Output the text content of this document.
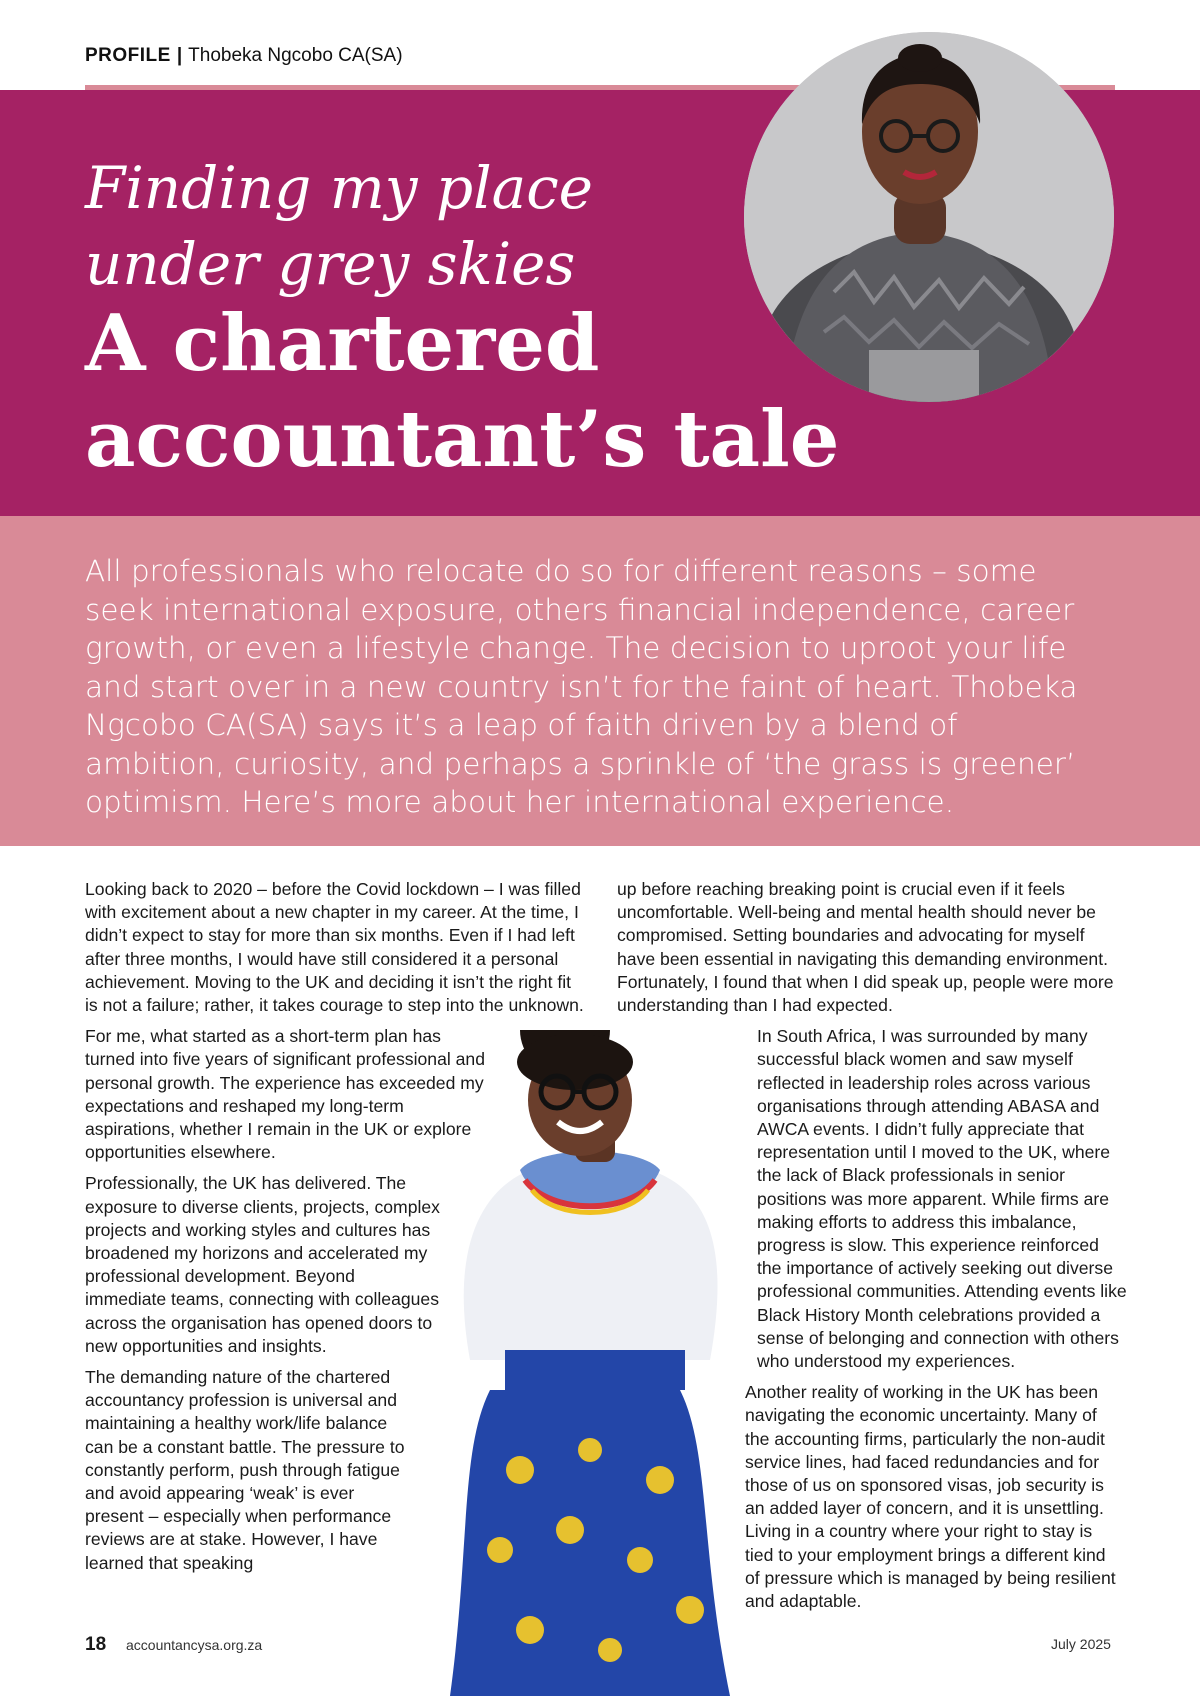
PROFILE | Thobeka Ngcobo CA(SA)
Finding my place
under grey skies
A chartered
accountant’s tale

All professionals who relocate do so for different reasons – some seek international exposure, others financial independence, career growth, or even a lifestyle change. The decision to uproot your life and start over in a new country isn’t for the faint of heart. Thobeka Ngcobo CA(SA) says it’s a leap of faith driven by a blend of ambition, curiosity, and perhaps a sprinkle of ‘the grass is greener’ optimism. Here’s more about her international experience.

Looking back to 2020 – before the Covid lockdown – I was filled with excitement about a new chapter in my career. At the time, I didn’t expect to stay for more than six months. Even if I had left after three months, I would have still considered it a personal achievement. Moving to the UK and deciding it isn’t the right fit is not a failure; rather, it takes courage to step into the unknown.

For me, what started as a short-term plan has turned into five years of significant professional and personal growth. The experience has exceeded my expectations and reshaped my long-term aspirations, whether I remain in the UK or explore opportunities elsewhere.

Professionally, the UK has delivered. The exposure to diverse clients, projects, complex projects and working styles and cultures has broadened my horizons and accelerated my professional development. Beyond immediate teams, connecting with colleagues across the organisation has opened doors to new opportunities and insights.

The demanding nature of the chartered accountancy profession is universal and maintaining a healthy work/life balance can be a constant battle. The pressure to constantly perform, push through fatigue and avoid appearing ‘weak’ is ever present – especially when performance reviews are at stake. However, I have learned that speaking

up before reaching breaking point is crucial even if it feels uncomfortable. Well-being and mental health should never be compromised. Setting boundaries and advocating for myself have been essential in navigating this demanding environment. Fortunately, I found that when I did speak up, people were more understanding than I had expected.

In South Africa, I was surrounded by many successful black women and saw myself reflected in leadership roles across various organisations through attending ABASA and AWCA events. I didn’t fully appreciate that representation until I moved to the UK, where the lack of Black professionals in senior positions was more apparent. While firms are making efforts to address this imbalance, progress is slow. This experience reinforced the importance of actively seeking out diverse professional communities. Attending events like Black History Month celebrations provided a sense of belonging and connection with others who understood my experiences.

Another reality of working in the UK has been navigating the economic uncertainty. Many of the accounting firms, particularly the non-audit service lines, had faced redundancies and for those of us on sponsored visas, job security is an added layer of concern, and it is unsettling. Living in a country where your right to stay is tied to your employment brings a different kind of pressure which is managed by being resilient and adaptable.

18 accountancysa.org.za	July 2025
